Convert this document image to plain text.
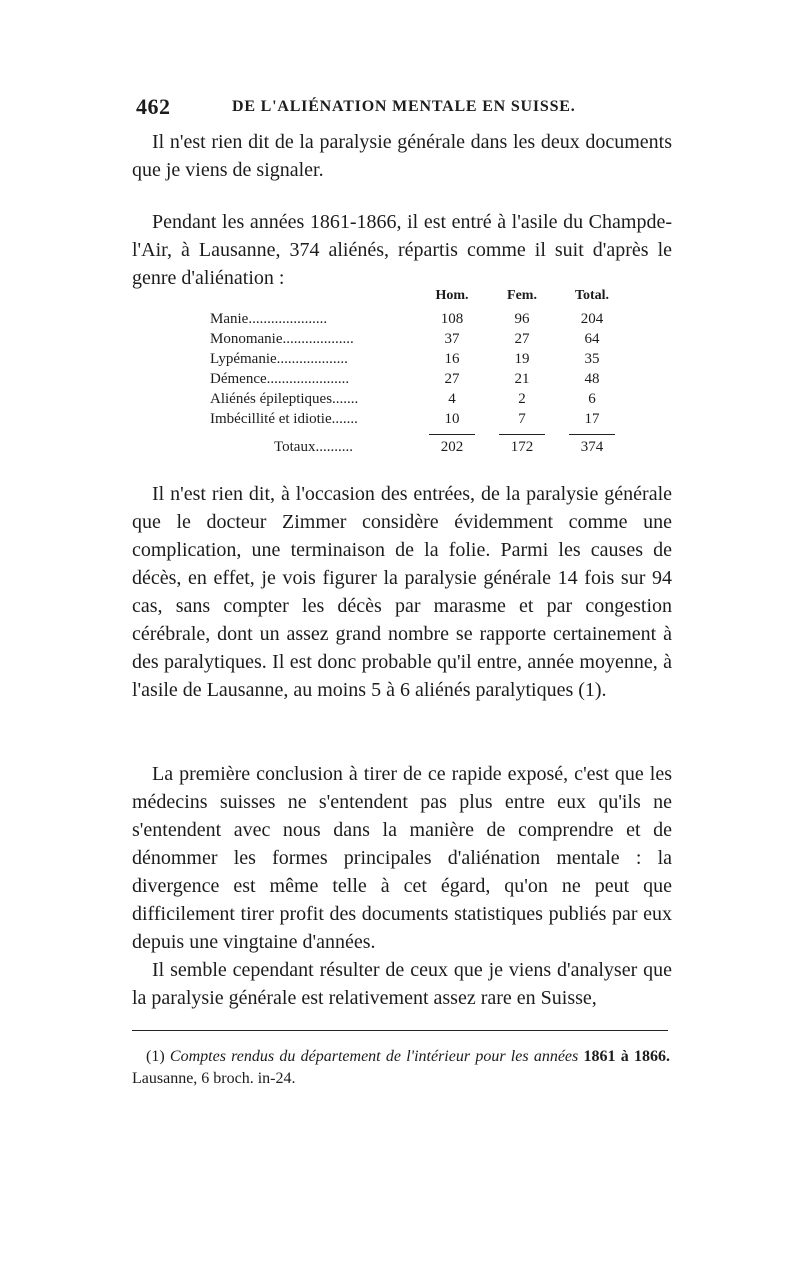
462	DE L'ALIÉNATION MENTALE EN SUISSE.

Il n'est rien dit de la paralysie générale dans les deux documents que je viens de signaler.

Pendant les années 1861-1866, il est entré à l'asile du Champde-l'Air, à Lausanne, 374 aliénés, répartis comme il suit d'après le genre d'aliénation :

Hom.	Fem.	Total.
Manie.....................	108	96	204
Monomanie...................	37	27	64
Lypémanie...................	16	19	35
Démence......................	27	21	48
Aliénés épileptiques.......	4	2	6
Imbécillité et idiotie.......	10	7	17
Totaux..........	202	172	374

Il n'est rien dit, à l'occasion des entrées, de la paralysie générale que le docteur Zimmer considère évidemment comme une complication, une terminaison de la folie. Parmi les causes de décès, en effet, je vois figurer la paralysie générale 14 fois sur 94 cas, sans compter les décès par marasme et par congestion cérébrale, dont un assez grand nombre se rapporte certainement à des paralytiques. Il est donc probable qu'il entre, année moyenne, à l'asile de Lausanne, au moins 5 à 6 aliénés paralytiques (1).

La première conclusion à tirer de ce rapide exposé, c'est que les médecins suisses ne s'entendent pas plus entre eux qu'ils ne s'entendent avec nous dans la manière de comprendre et de dénommer les formes principales d'aliénation mentale : la divergence est même telle à cet égard, qu'on ne peut que difficilement tirer profit des documents statistiques publiés par eux depuis une vingtaine d'années.

Il semble cependant résulter de ceux que je viens d'analyser que la paralysie générale est relativement assez rare en Suisse,

(1) Comptes rendus du département de l'intérieur pour les années 1861 à 1866. Lausanne, 6 broch. in-24.
